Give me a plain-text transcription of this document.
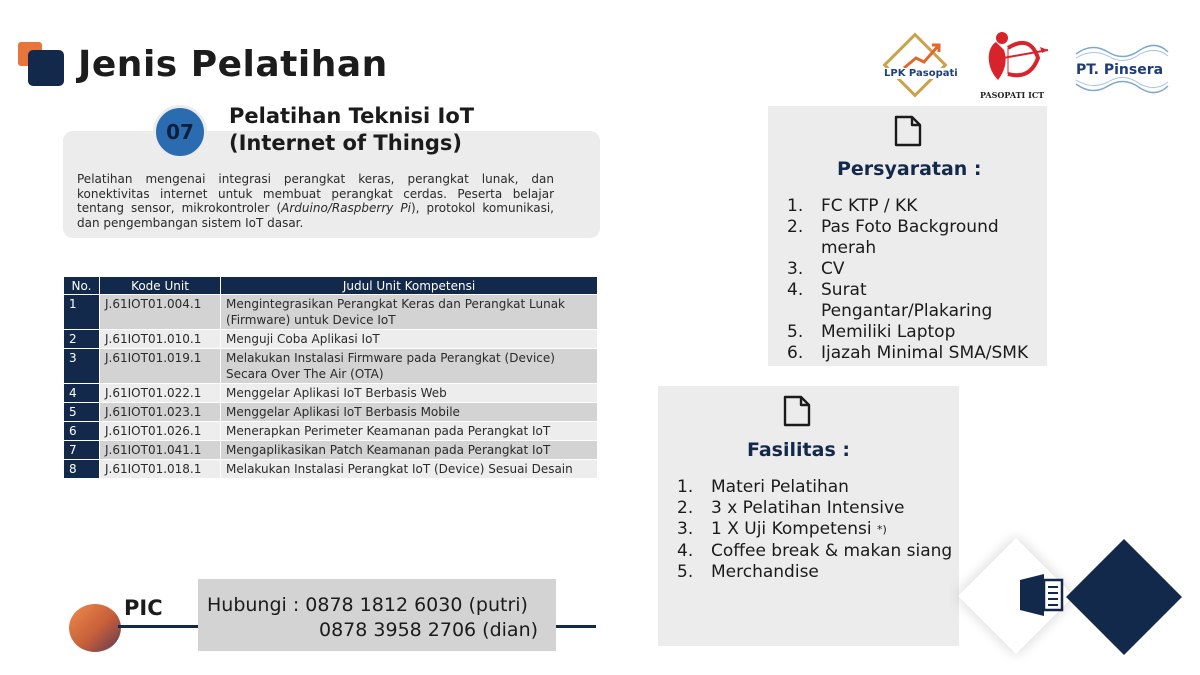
Jenis Pelatihan	LPK Pasopati
PASOPATI ICT
PT. Pinsera
07
Pelatihan Teknisi IoT
(Internet of Things)

Pelatihan mengenai integrasi perangkat keras, perangkat lunak, dan konektivitas internet untuk membuat perangkat cerdas. Peserta belajar tentang sensor, mikrokontroler (Arduino/Raspberry Pi), protokol komunikasi, dan pengembangan sistem IoT dasar.

No.	Kode Unit	Judul Unit Kompetensi
1	J.61IOT01.004.1	Mengintegrasikan Perangkat Keras dan Perangkat Lunak (Firmware) untuk Device IoT
2	J.61IOT01.010.1	Menguji Coba Aplikasi IoT
3	J.61IOT01.019.1	Melakukan Instalasi Firmware pada Perangkat (Device) Secara Over The Air (OTA)
4	J.61IOT01.022.1	Menggelar Aplikasi IoT Berbasis Web
5	J.61IOT01.023.1	Menggelar Aplikasi IoT Berbasis Mobile
6	J.61IOT01.026.1	Menerapkan Perimeter Keamanan pada Perangkat IoT
7	J.61IOT01.041.1	Mengaplikasikan Patch Keamanan pada Perangkat IoT
8	J.61IOT01.018.1	Melakukan Instalasi Perangkat IoT (Device) Sesuai Desain
PIC Hubungi : 0878 1812 6030 (putri)
0878 3958 2706 (dian)
Persyaratan :
1.	FC KTP / KK
2.	Pas Foto Background merah
3.	CV
4.	Surat Pengantar/Plakaring
5.	Memiliki Laptop
6.	Ijazah Minimal SMA/SMK
Fasilitas :
1.	Materi Pelatihan
2.	3 x Pelatihan Intensive
3.	1 X Uji Kompetensi *)
4.	Coffee break & makan siang
5.	Merchandise
